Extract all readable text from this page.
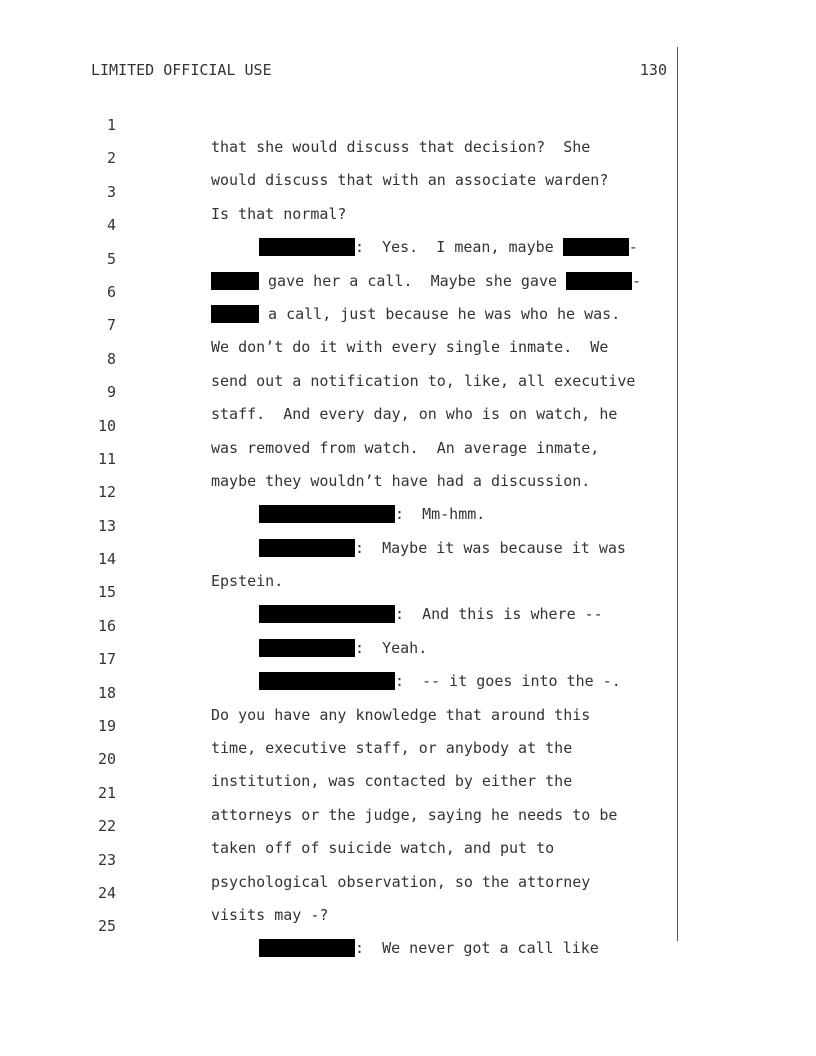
LIMITED OFFICIAL USE	130

1

that she would discuss that decision?  She

2

would discuss that with an associate warden?

3

Is that normal?

4

:  Yes.  I mean, maybe	-

5

gave her a call.  Maybe she gave	-

6

a call, just because he was who he was.

7

We don’t do it with every single inmate.  We

8

send out a notification to, like, all executive

9

staff.  And every day, on who is on watch, he

10

was removed from watch.  An average inmate,

11

maybe they wouldn’t have had a discussion.

12

:  Mm-hmm.

13

:  Maybe it was because it was

14

Epstein.

15

:  And this is where --

16

:  Yeah.

17

:  -- it goes into the -.

18

Do you have any knowledge that around this

19

time, executive staff, or anybody at the

20

institution, was contacted by either the

21

attorneys or the judge, saying he needs to be

22

taken off of suicide watch, and put to

23

psychological observation, so the attorney

24

visits may -?

25

:  We never got a call like
